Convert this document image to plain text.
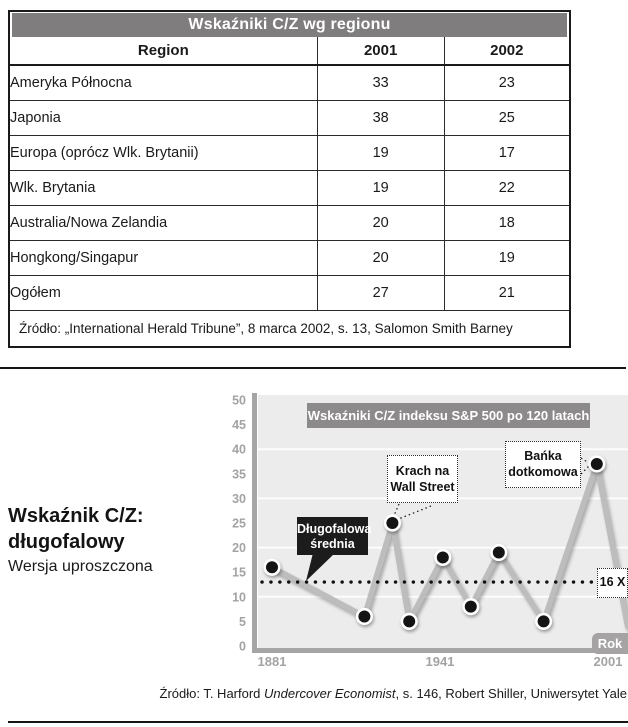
Wskaźniki C/Z wg regionu
Region	2001	2002
Ameryka Północna	33	23
Japonia	38	25
Europa (oprócz Wlk. Brytanii)	19	17
Wlk. Brytania	19	22
Australia/Nowa Zelandia	20	18
Hongkong/Singapur	20	19
Ogółem	27	21
Źródło: „International Herald Tribune”, 8 marca 2002, s. 13, Salomon Smith Barney		
Wskaźnik C/Z:
długofalowy
Wersja uproszczona
0
5
10
15
20
25
30
35
40
45
50
1881	1941	2001
Wskaźniki C/Z indeksu S&P 500 po 120 latach
Krach na
Wall Street
Bańka
dotkomowa
Długofalowa
średnia
16 X
Rok
Źródło: T. Harford Undercover Economist, s. 146, Robert Shiller, Uniwersytet Yale
